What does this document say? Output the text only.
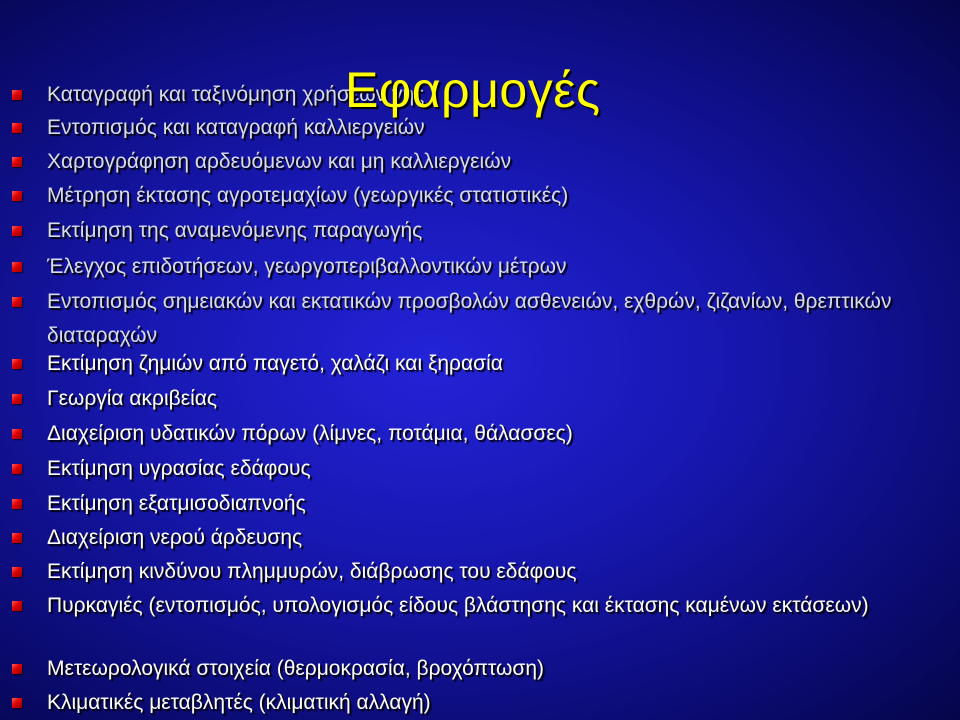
Εφαρμογές
Καταγραφή και ταξινόμηση χρήσεων γης
Εντοπισμός και καταγραφή καλλιεργειών
Χαρτογράφηση αρδευόμενων και μη καλλιεργειών
Μέτρηση έκτασης αγροτεμαχίων (γεωργικές στατιστικές)
Εκτίμηση της αναμενόμενης παραγωγής
Έλεγχος επιδοτήσεων, γεωργοπεριβαλλοντικών μέτρων
Εντοπισμός σημειακών και εκτατικών προσβολών ασθενειών, εχθρών, ζιζανίων, θρεπτικών διαταραχών
Εκτίμηση ζημιών από παγετό, χαλάζι και ξηρασία
Γεωργία ακριβείας
Διαχείριση υδατικών πόρων (λίμνες, ποτάμια, θάλασσες)
Εκτίμηση υγρασίας εδάφους
Εκτίμηση εξατμισοδιαπνοής
Διαχείριση νερού άρδευσης
Εκτίμηση κινδύνου πλημμυρών, διάβρωσης του εδάφους
Πυρκαγιές (εντοπισμός, υπολογισμός είδους βλάστησης και έκτασης καμένων εκτάσεων)
Μετεωρολογικά στοιχεία (θερμοκρασία, βροχόπτωση)
Κλιματικές μεταβλητές (κλιματική αλλαγή)
